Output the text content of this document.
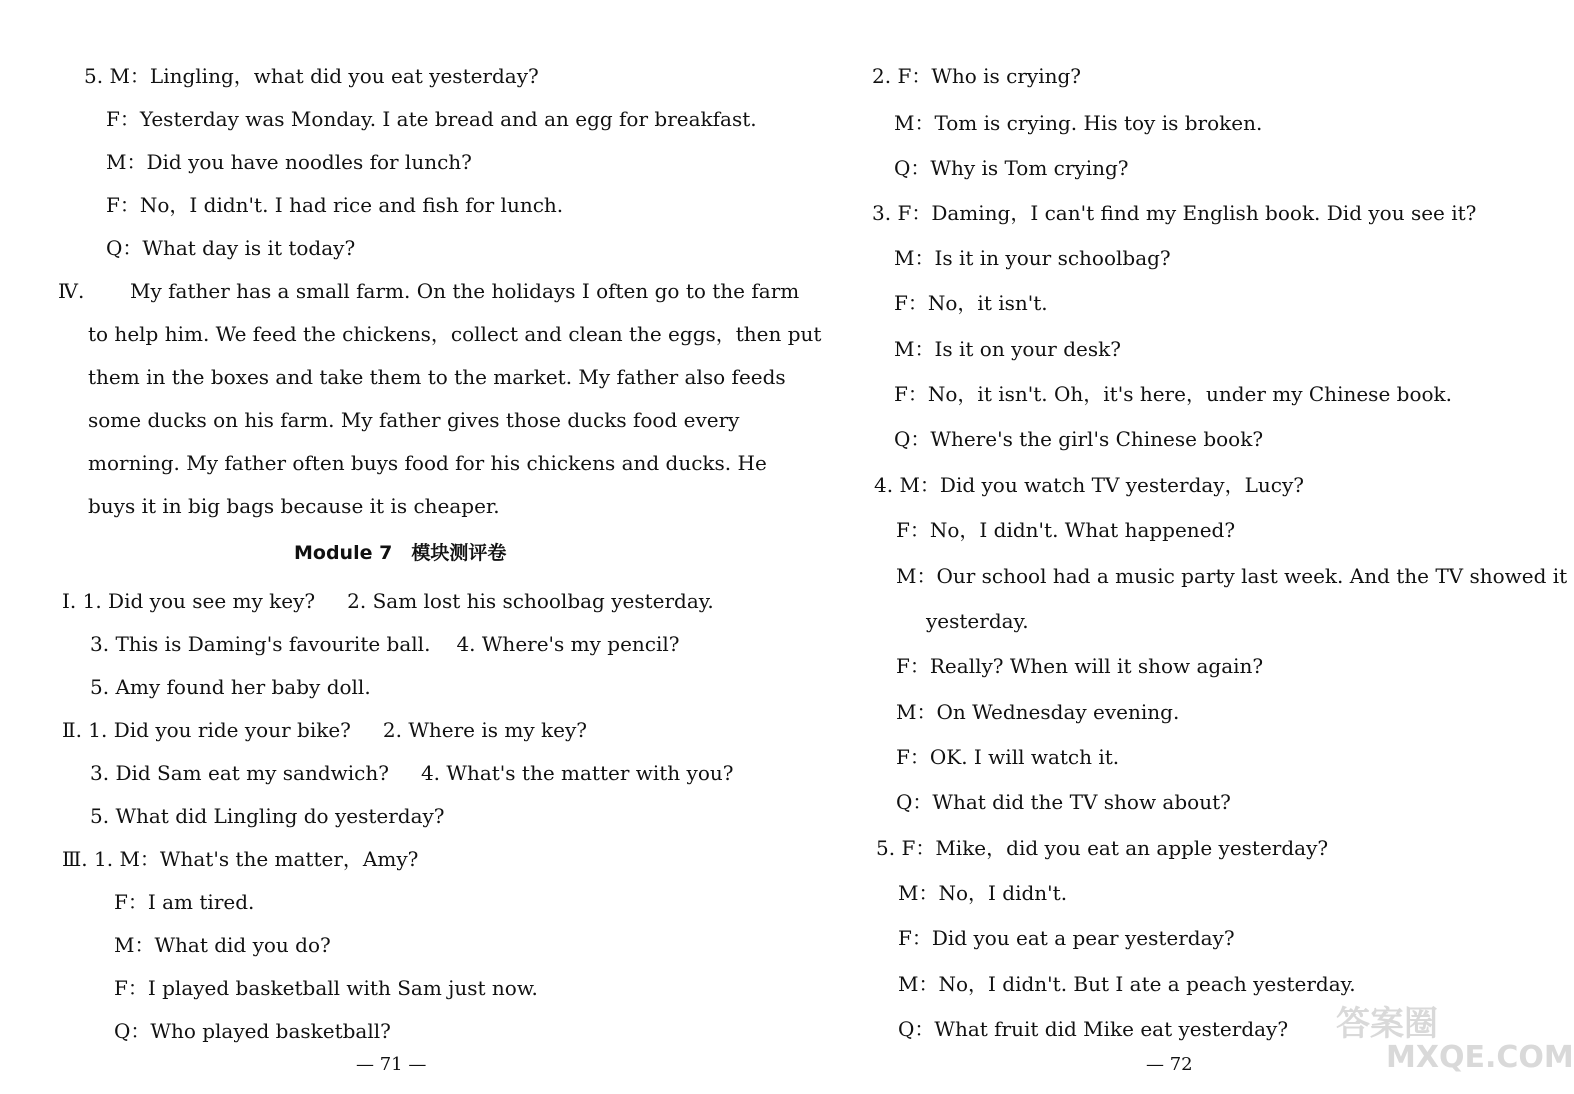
5. M：Lingling，what did you eat yesterday?
F：Yesterday was Monday. I ate bread and an egg for breakfast.
M：Did you have noodles for lunch?
F：No，I didn't. I had rice and fish for lunch.
Q：What day is it today?
Ⅳ. My father has a small farm. On the holidays I often go to the farm
to help him. We feed the chickens，collect and clean the eggs，then put
them in the boxes and take them to the market. My father also feeds
some ducks on his farm. My father gives those ducks food every
morning. My father often buys food for his chickens and ducks. He
buys it in big bags because it is cheaper.
Module 7　模块测评卷
Ⅰ. 1. Did you see my key? 2. Sam lost his schoolbag yesterday.
3. This is Daming's favourite ball. 4. Where's my pencil?
5. Amy found her baby doll.
Ⅱ. 1. Did you ride your bike? 2. Where is my key?
3. Did Sam eat my sandwich? 4. What's the matter with you?
5. What did Lingling do yesterday?
Ⅲ. 1. M：What's the matter，Amy?
F：I am tired.
M：What did you do?
F：I played basketball with Sam just now.
Q：Who played basketball?
— 71 —
2. F：Who is crying?
M：Tom is crying. His toy is broken.
Q：Why is Tom crying?
3. F：Daming，I can't find my English book. Did you see it?
M：Is it in your schoolbag?
F：No，it isn't.
M：Is it on your desk?
F：No，it isn't. Oh，it's here，under my Chinese book.
Q：Where's the girl's Chinese book?
4. M：Did you watch TV yesterday，Lucy?
F：No，I didn't. What happened?
M：Our school had a music party last week. And the TV showed it
yesterday.
F：Really? When will it show again?
M：On Wednesday evening.
F：OK. I will watch it.
Q：What did the TV show about?
5. F：Mike，did you eat an apple yesterday?
M：No，I didn't.
F：Did you eat a pear yesterday?
M：No，I didn't. But I ate a peach yesterday.
Q：What fruit did Mike eat yesterday?
— 72
答案圈
MXQE.COM
